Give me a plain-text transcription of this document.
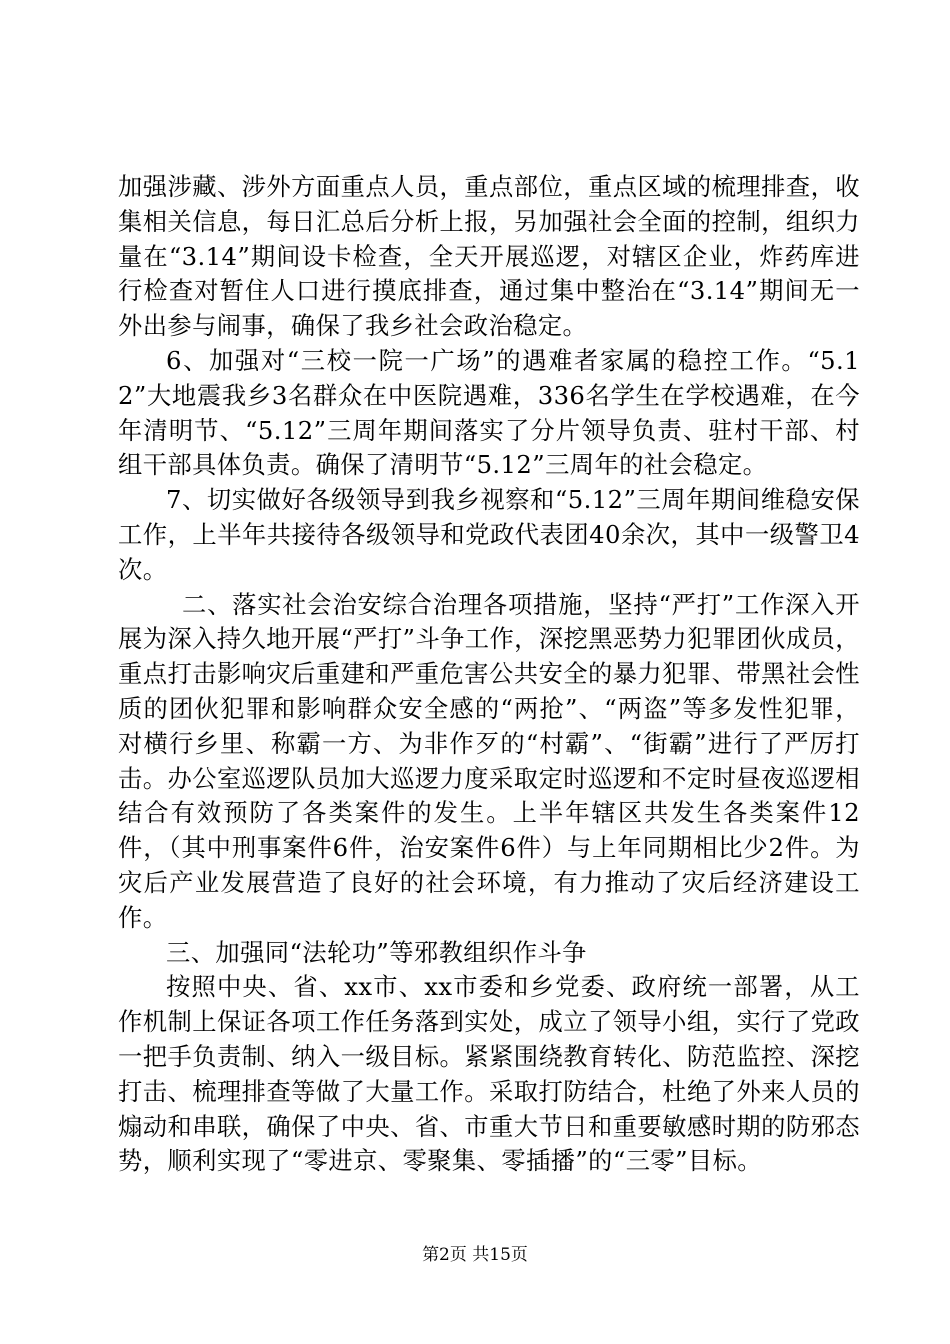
加强涉藏、涉外方面重点人员，重点部位，重点区域的梳理排查，收集相关信息，每日汇总后分析上报，另加强社会全面的控制，组织力量在“3.14”期间设卡检查，全天开展巡逻，对辖区企业，炸药库进行检查对暂住人口进行摸底排查，通过集中整治在“3.14”期间无一外出参与闹事，确保了我乡社会政治稳定。

6、加强对“三校一院一广场”的遇难者家属的稳控工作。“5.12”大地震我乡3名群众在中医院遇难，336名学生在学校遇难，在今年清明节、“5.12”三周年期间落实了分片领导负责、驻村干部、村组干部具体负责。确保了清明节“5.12”三周年的社会稳定。

7、切实做好各级领导到我乡视察和“5.12”三周年期间维稳安保工作，上半年共接待各级领导和党政代表团40余次，其中一级警卫4次。

二、落实社会治安综合治理各项措施，坚持“严打”工作深入开展为深入持久地开展“严打”斗争工作，深挖黑恶势力犯罪团伙成员，重点打击影响灾后重建和严重危害公共安全的暴力犯罪、带黑社会性质的团伙犯罪和影响群众安全感的“两抢”、“两盗”等多发性犯罪，对横行乡里、称霸一方、为非作歹的“村霸”、“街霸”进行了严厉打击。办公室巡逻队员加大巡逻力度采取定时巡逻和不定时昼夜巡逻相结合有效预防了各类案件的发生。上半年辖区共发生各类案件12件，（其中刑事案件6件，治安案件6件）与上年同期相比少2件。为灾后产业发展营造了良好的社会环境，有力推动了灾后经济建设工作。

三、加强同“法轮功”等邪教组织作斗争

按照中央、省、xx市、xx市委和乡党委、政府统一部署，从工作机制上保证各项工作任务落到实处，成立了领导小组，实行了党政一把手负责制、纳入一级目标。紧紧围绕教育转化、防范监控、深挖打击、梳理排查等做了大量工作。采取打防结合，杜绝了外来人员的煽动和串联，确保了中央、省、市重大节日和重要敏感时期的防邪态势，顺利实现了“零进京、零聚集、零插播”的“三零”目标。

第2页 共15页
